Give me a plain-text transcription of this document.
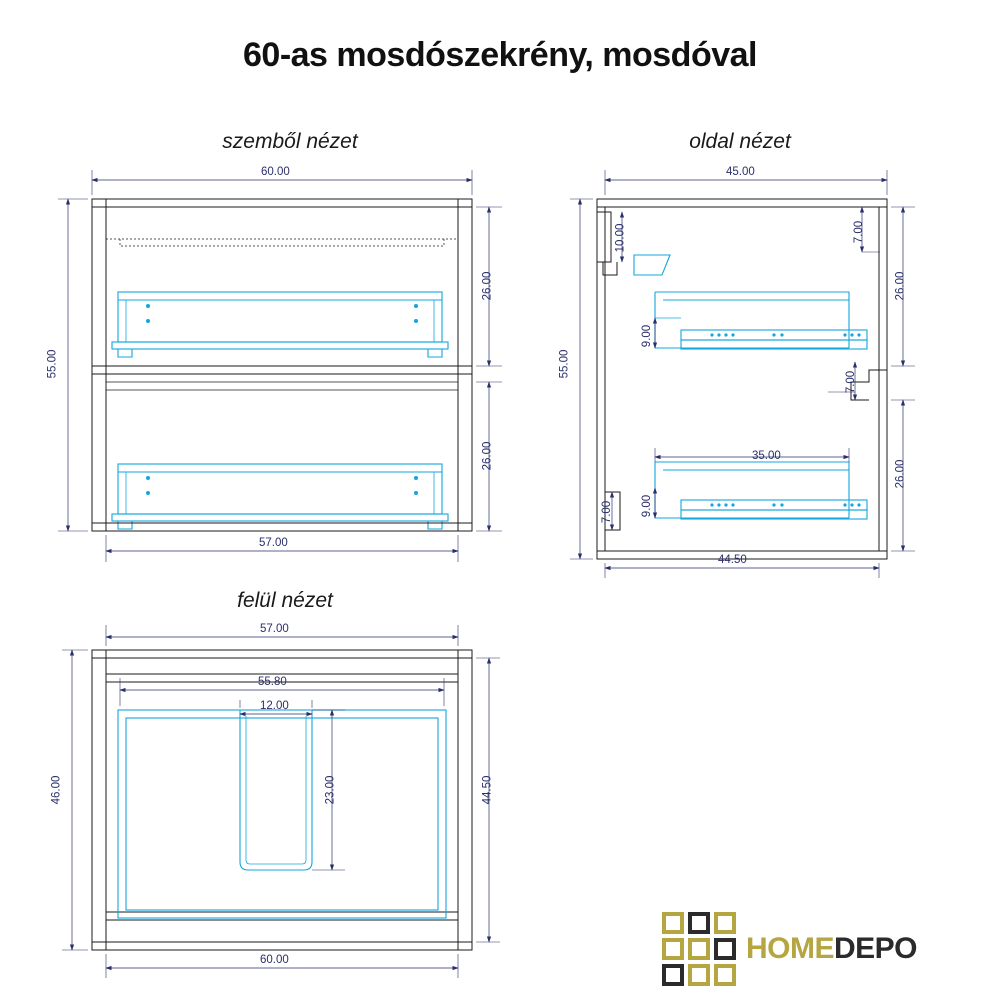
60-as mosdószekrény, mosdóval
szemből nézet	oldal nézet
felül nézet
60.00
57.00
55.00
26.00
26.00
45.00
44.50
55.00
26.00
26.00
10.00	7.00
9.00
7.00
35.00
9.00
7.00
57.00
55.80
12.00
23.00
46.00	44.50
60.00	HOMEDEPO
